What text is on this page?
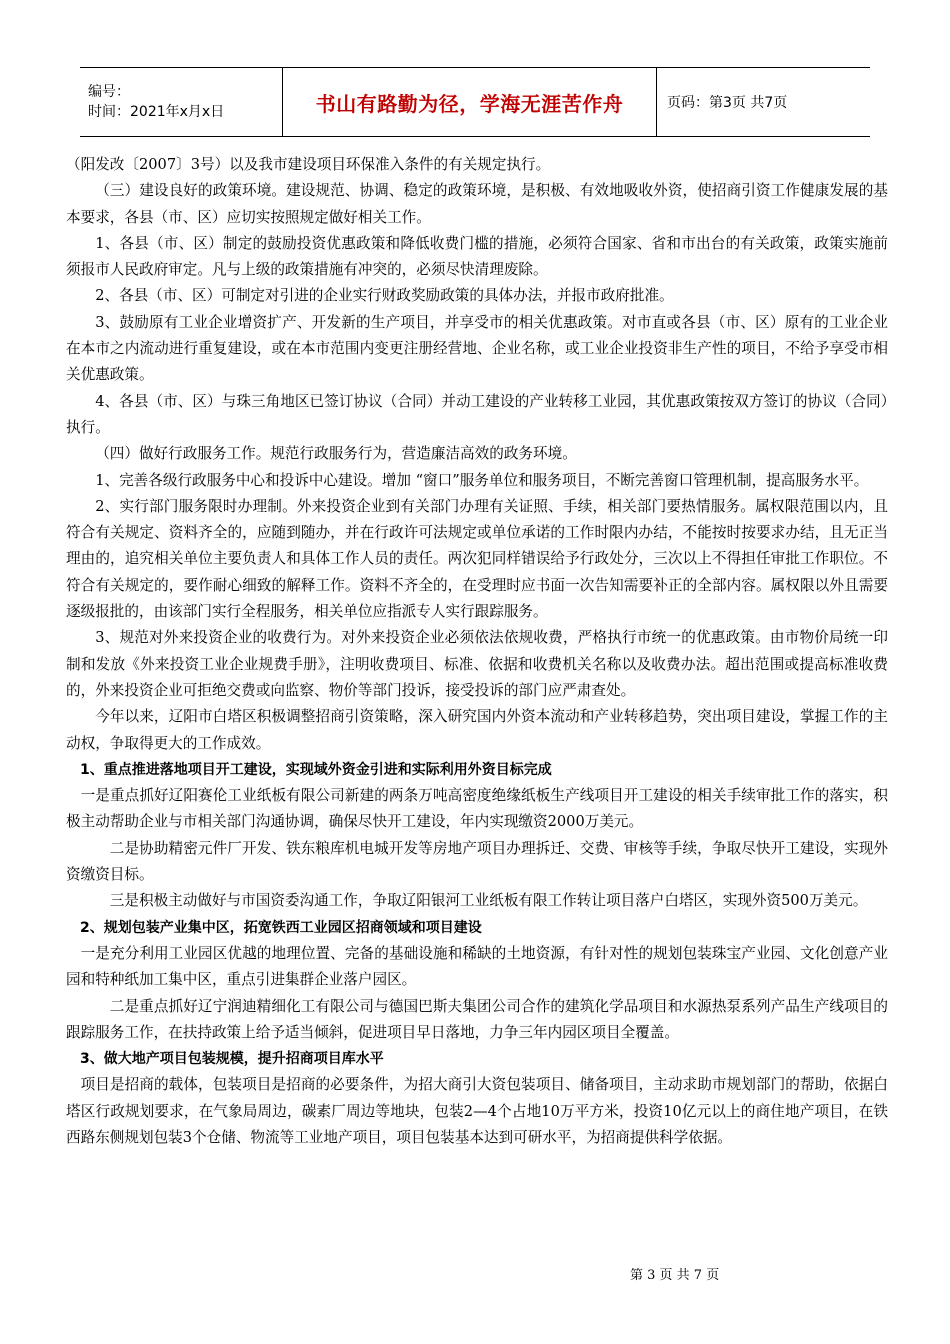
编号：
时间：2021年x月x日	书山有路勤为径，学海无涯苦作舟	页码：第3页 共7页

（阳发改〔2007〕3号）以及我市建设项目环保准入条件的有关规定执行。

（三）建设良好的政策环境。建设规范、协调、稳定的政策环境，是积极、有效地吸收外资，使招商引资工作健康发展的基本要求，各县（市、区）应切实按照规定做好相关工作。

1、各县（市、区）制定的鼓励投资优惠政策和降低收费门槛的措施，必须符合国家、省和市出台的有关政策，政策实施前须报市人民政府审定。凡与上级的政策措施有冲突的，必须尽快清理废除。

2、各县（市、区）可制定对引进的企业实行财政奖励政策的具体办法，并报市政府批准。

3、鼓励原有工业企业增资扩产、开发新的生产项目，并享受市的相关优惠政策。对市直或各县（市、区）原有的工业企业在本市之内流动进行重复建设，或在本市范围内变更注册经营地、企业名称，或工业企业投资非生产性的项目，不给予享受市相关优惠政策。

4、各县（市、区）与珠三角地区已签订协议（合同）并动工建设的产业转移工业园，其优惠政策按双方签订的协议（合同）执行。

（四）做好行政服务工作。规范行政服务行为，营造廉洁高效的政务环境。

1、完善各级行政服务中心和投诉中心建设。增加 “窗口”服务单位和服务项目，不断完善窗口管理机制，提高服务水平。

2、实行部门服务限时办理制。外来投资企业到有关部门办理有关证照、手续，相关部门要热情服务。属权限范围以内，且符合有关规定、资料齐全的，应随到随办，并在行政许可法规定或单位承诺的工作时限内办结，不能按时按要求办结，且无正当理由的，追究相关单位主要负责人和具体工作人员的责任。两次犯同样错误给予行政处分，三次以上不得担任审批工作职位。不符合有关规定的，要作耐心细致的解释工作。资料不齐全的，在受理时应书面一次告知需要补正的全部内容。属权限以外且需要逐级报批的，由该部门实行全程服务，相关单位应指派专人实行跟踪服务。

3、规范对外来投资企业的收费行为。对外来投资企业必须依法依规收费，严格执行市统一的优惠政策。由市物价局统一印制和发放《外来投资工业企业规费手册》，注明收费项目、标准、依据和收费机关名称以及收费办法。超出范围或提高标准收费的，外来投资企业可拒绝交费或向监察、物价等部门投诉，接受投诉的部门应严肃查处。

今年以来，辽阳市白塔区积极调整招商引资策略，深入研究国内外资本流动和产业转移趋势，突出项目建设，掌握工作的主动权，争取得更大的工作成效。

1、重点推进落地项目开工建设，实现域外资金引进和实际利用外资目标完成

一是重点抓好辽阳赛伦工业纸板有限公司新建的两条万吨高密度绝缘纸板生产线项目开工建设的相关手续审批工作的落实，积极主动帮助企业与市相关部门沟通协调，确保尽快开工建设，年内实现缴资2000万美元。

二是协助精密元件厂开发、铁东粮库机电城开发等房地产项目办理拆迁、交费、审核等手续，争取尽快开工建设，实现外资缴资目标。

三是积极主动做好与市国资委沟通工作，争取辽阳银河工业纸板有限工作转让项目落户白塔区，实现外资500万美元。

2、规划包装产业集中区，拓宽铁西工业园区招商领域和项目建设

一是充分利用工业园区优越的地理位置、完备的基础设施和稀缺的土地资源，有针对性的规划包装珠宝产业园、文化创意产业园和特种纸加工集中区，重点引进集群企业落户园区。

二是重点抓好辽宁润迪精细化工有限公司与德国巴斯夫集团公司合作的建筑化学品项目和水源热泵系列产品生产线项目的跟踪服务工作，在扶持政策上给予适当倾斜，促进项目早日落地，力争三年内园区项目全覆盖。

3、做大地产项目包装规模，提升招商项目库水平

项目是招商的载体，包装项目是招商的必要条件，为招大商引大资包装项目、储备项目，主动求助市规划部门的帮助，依据白塔区行政规划要求，在气象局周边，碳素厂周边等地块，包装2—4个占地10万平方米，投资10亿元以上的商住地产项目，在铁西路东侧规划包装3个仓储、物流等工业地产项目，项目包装基本达到可研水平，为招商提供科学依据。

第 3 页 共 7 页
